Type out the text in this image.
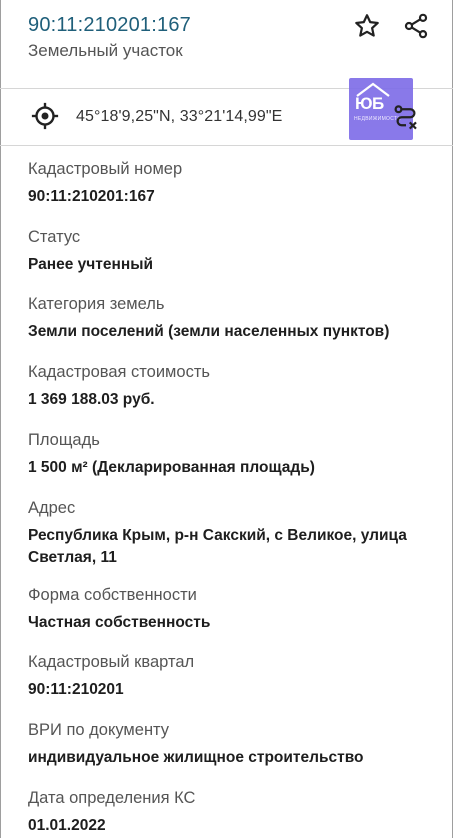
90:11:210201:167
Земельный участок
45°18'9,25"N, 33°21'14,99"E
ЮБ
НЕДВИЖИМОСТЬ
Кадастровый номер
90:11:210201:167
Статус
Ранее учтенный
Категория земель
Земли поселений (земли населенных пунктов)
Кадастровая стоимость
1 369 188.03 руб.
Площадь
1 500 м² (Декларированная площадь)
Адрес
Республика Крым, р-н Сакский, с Великое, улица Светлая, 11
Форма собственности
Частная собственность
Кадастровый квартал
90:11:210201
ВРИ по документу
индивидуальное жилищное строительство
Дата определения КС
01.01.2022
